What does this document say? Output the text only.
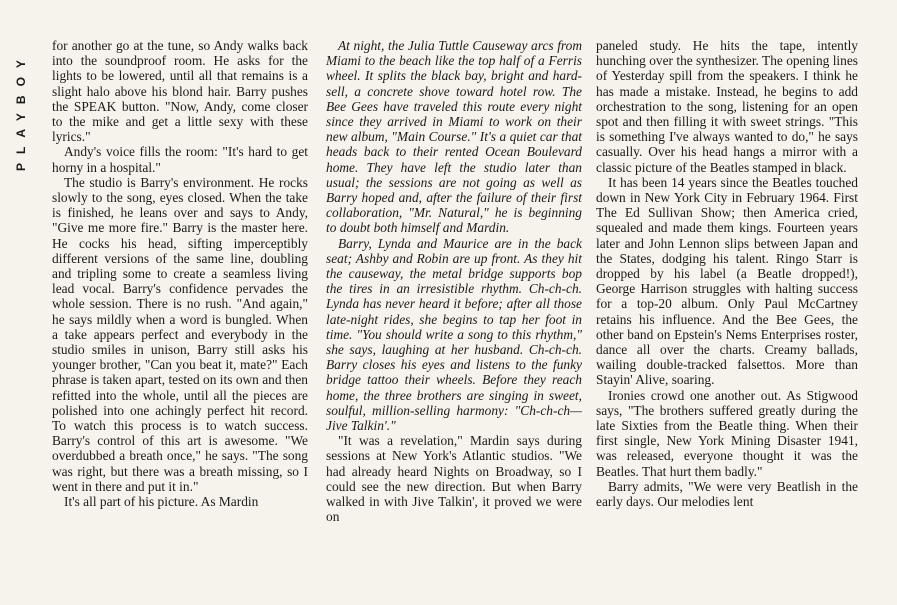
PLAYBOY

for another go at the tune, so Andy walks back into the soundproof room. He asks for the lights to be lowered, until all that remains is a slight halo above his blond hair. Barry pushes the SPEAK button. "Now, Andy, come closer to the mike and get a little sexy with these lyrics."

Andy's voice fills the room: "It's hard to get horny in a hospital."

The studio is Barry's environment. He rocks slowly to the song, eyes closed. When the take is finished, he leans over and says to Andy, "Give me more fire." Barry is the master here. He cocks his head, sifting imperceptibly different versions of the same line, doubling and tripling some to create a seamless living lead vocal. Barry's confidence pervades the whole session. There is no rush. "And again," he says mildly when a word is bungled. When a take appears perfect and everybody in the studio smiles in unison, Barry still asks his younger brother, "Can you beat it, mate?" Each phrase is taken apart, tested on its own and then refitted into the whole, until all the pieces are polished into one achingly perfect hit record. To watch this process is to watch success. Barry's control of this art is awesome. "We overdubbed a breath once," he says. "The song was right, but there was a breath missing, so I went in there and put it in."

It's all part of his picture. As Mardin

At night, the Julia Tuttle Causeway arcs from Miami to the beach like the top half of a Ferris wheel. It splits the black bay, bright and hard-sell, a concrete shove toward hotel row. The Bee Gees have traveled this route every night since they arrived in Miami to work on their new album, "Main Course." It's a quiet car that heads back to their rented Ocean Boulevard home. They have left the studio later than usual; the sessions are not going as well as Barry hoped and, after the failure of their first collaboration, "Mr. Natural," he is beginning to doubt both himself and Mardin.

Barry, Lynda and Maurice are in the back seat; Ashby and Robin are up front. As they hit the causeway, the metal bridge supports bop the tires in an irresistible rhythm. Ch-ch-ch. Lynda has never heard it before; after all those late-night rides, she begins to tap her foot in time. "You should write a song to this rhythm," she says, laughing at her husband. Ch-ch-ch. Barry closes his eyes and listens to the funky bridge tattoo their wheels. Before they reach home, the three brothers are singing in sweet, soulful, million-selling harmony: "Ch-ch-ch—Jive Talkin'."

"It was a revelation," Mardin says during sessions at New York's Atlantic studios. "We had already heard Nights on Broadway, so I could see the new direction. But when Barry walked in with Jive Talkin', it proved we were on

paneled study. He hits the tape, intently hunching over the synthesizer. The opening lines of Yesterday spill from the speakers. I think he has made a mistake. Instead, he begins to add orchestration to the song, listening for an open spot and then filling it with sweet strings. "This is something I've always wanted to do," he says casually. Over his head hangs a mirror with a classic picture of the Beatles stamped in black.

It has been 14 years since the Beatles touched down in New York City in February 1964. First The Ed Sullivan Show; then America cried, squealed and made them kings. Fourteen years later and John Lennon slips between Japan and the States, dodging his talent. Ringo Starr is dropped by his label (a Beatle dropped!), George Harrison struggles with halting success for a top-20 album. Only Paul McCartney retains his influence. And the Bee Gees, the other band on Epstein's Nems Enterprises roster, dance all over the charts. Creamy ballads, wailing double-tracked falsettos. More than Stayin' Alive, soaring.

Ironies crowd one another out. As Stigwood says, "The brothers suffered greatly during the late Sixties from the Beatle thing. When their first single, New York Mining Disaster 1941, was released, everyone thought it was the Beatles. That hurt them badly."

Barry admits, "We were very Beatlish in the early days. Our melodies lent
